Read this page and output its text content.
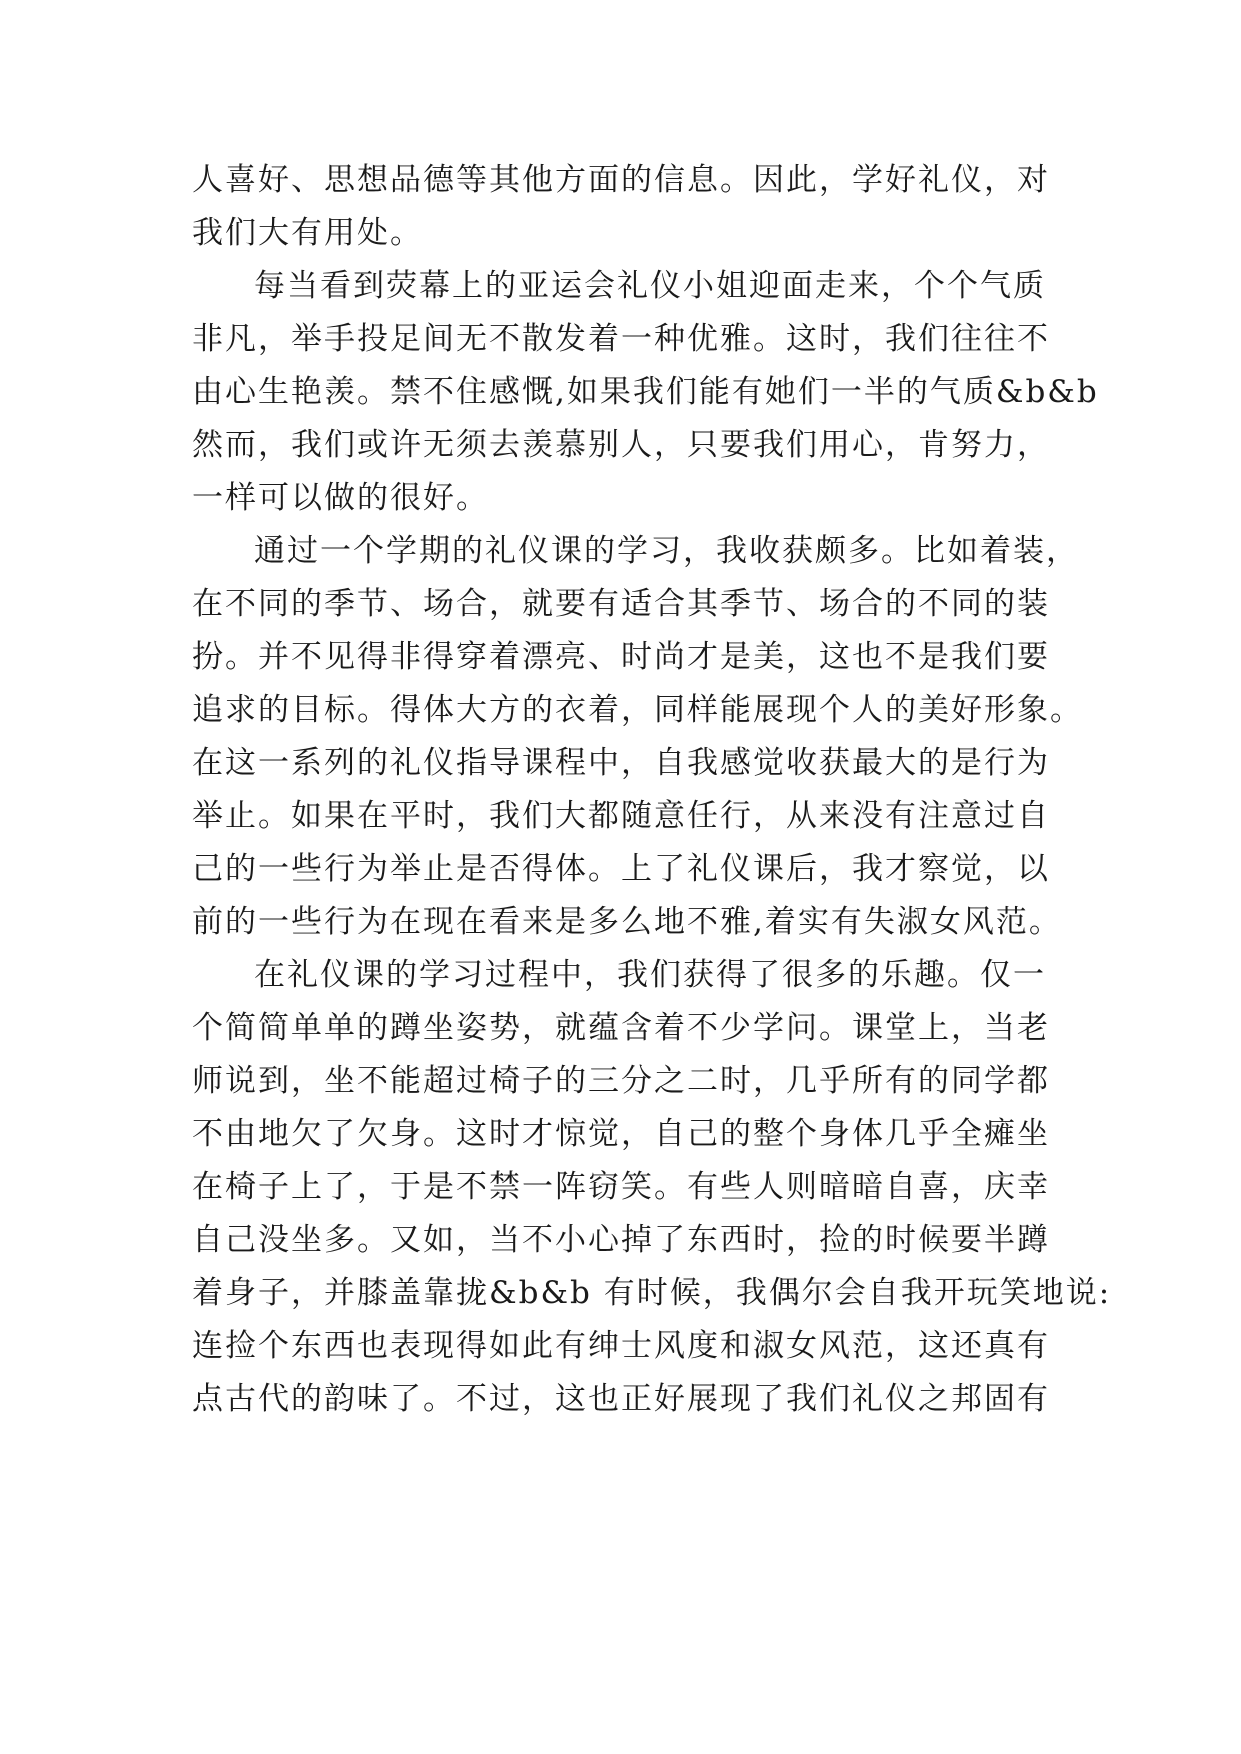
人喜好、思想品德等其他方面的信息。因此，学好礼仪，对
我们大有用处。
每当看到荧幕上的亚运会礼仪小姐迎面走来，个个气质
非凡，举手投足间无不散发着一种优雅。这时，我们往往不
由心生艳羡。禁不住感慨,如果我们能有她们一半的气质&b&b
然而，我们或许无须去羡慕别人，只要我们用心，肯努力，
一样可以做的很好。
通过一个学期的礼仪课的学习，我收获颇多。比如着装，
在不同的季节、场合，就要有适合其季节、场合的不同的装
扮。并不见得非得穿着漂亮、时尚才是美，这也不是我们要
追求的目标。得体大方的衣着，同样能展现个人的美好形象。
在这一系列的礼仪指导课程中，自我感觉收获最大的是行为
举止。如果在平时，我们大都随意任行，从来没有注意过自
己的一些行为举止是否得体。上了礼仪课后，我才察觉，以
前的一些行为在现在看来是多么地不雅,着实有失淑女风范。
在礼仪课的学习过程中，我们获得了很多的乐趣。仅一
个简简单单的蹲坐姿势，就蕴含着不少学问。课堂上，当老
师说到，坐不能超过椅子的三分之二时，几乎所有的同学都
不由地欠了欠身。这时才惊觉，自己的整个身体几乎全瘫坐
在椅子上了，于是不禁一阵窃笑。有些人则暗暗自喜，庆幸
自己没坐多。又如，当不小心掉了东西时，捡的时候要半蹲
着身子，并膝盖靠拢&b&b 有时候，我偶尔会自我开玩笑地说:
连捡个东西也表现得如此有绅士风度和淑女风范，这还真有
点古代的韵味了。不过，这也正好展现了我们礼仪之邦固有
